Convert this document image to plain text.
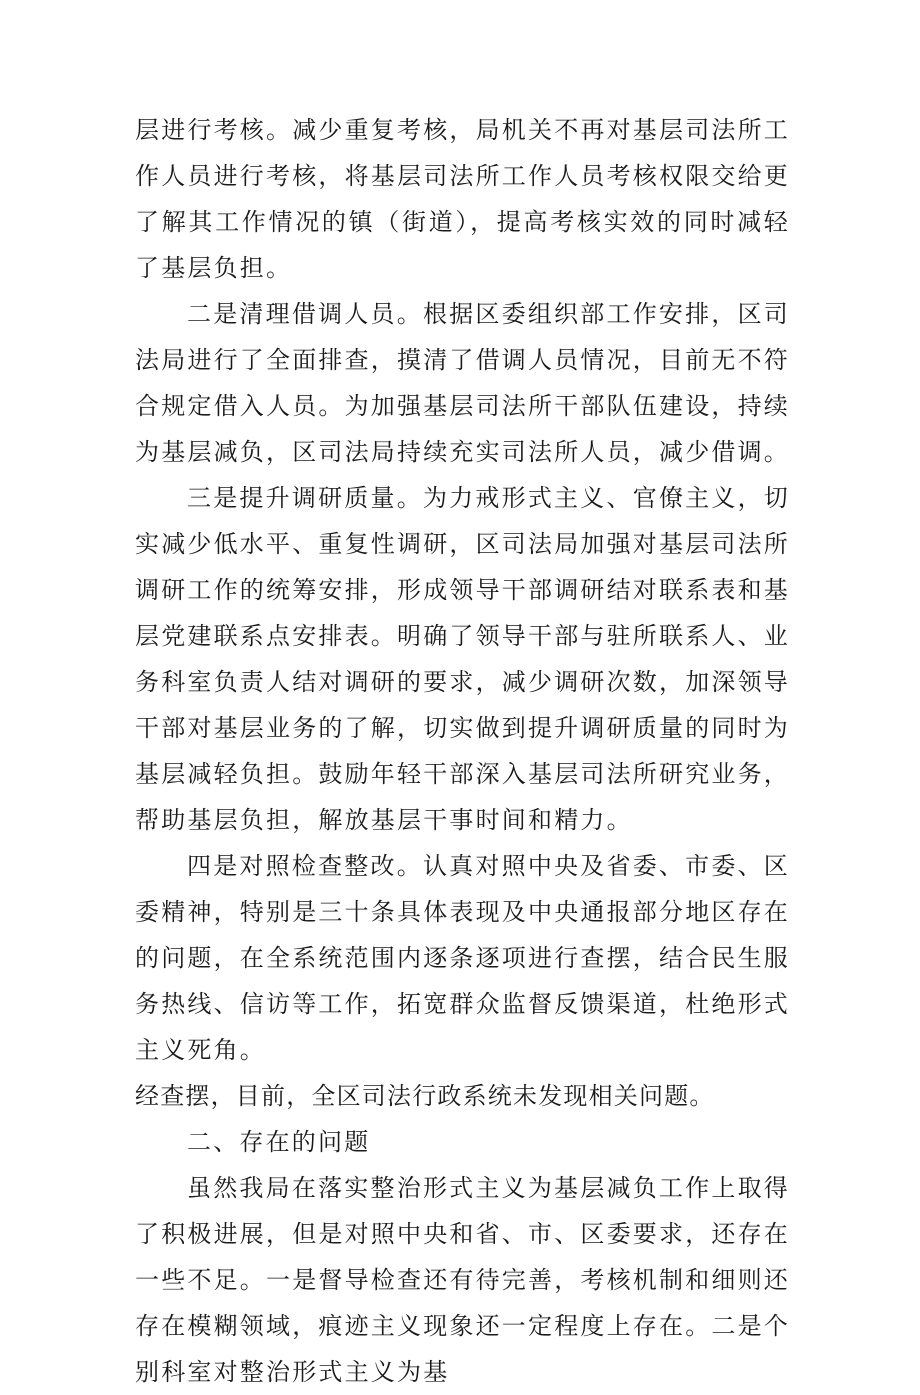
层进行考核。减少重复考核，局机关不再对基层司法所工作人员进行考核，将基层司法所工作人员考核权限交给更了解其工作情况的镇（街道），提高考核实效的同时减轻了基层负担。

二是清理借调人员。根据区委组织部工作安排，区司法局进行了全面排查，摸清了借调人员情况，目前无不符合规定借入人员。为加强基层司法所干部队伍建设，持续为基层减负，区司法局持续充实司法所人员，减少借调。

三是提升调研质量。为力戒形式主义、官僚主义，切实减少低水平、重复性调研，区司法局加强对基层司法所调研工作的统筹安排，形成领导干部调研结对联系表和基层党建联系点安排表。明确了领导干部与驻所联系人、业务科室负责人结对调研的要求，减少调研次数，加深领导干部对基层业务的了解，切实做到提升调研质量的同时为基层减轻负担。鼓励年轻干部深入基层司法所研究业务，帮助基层负担，解放基层干事时间和精力。

四是对照检查整改。认真对照中央及省委、市委、区委精神，特别是三十条具体表现及中央通报部分地区存在的问题，在全系统范围内逐条逐项进行查摆，结合民生服务热线、信访等工作，拓宽群众监督反馈渠道，杜绝形式主义死角。

经查摆，目前，全区司法行政系统未发现相关问题。

二、存在的问题

虽然我局在落实整治形式主义为基层减负工作上取得了积极进展，但是对照中央和省、市、区委要求，还存在一些不足。一是督导检查还有待完善，考核机制和细则还存在模糊领域，痕迹主义现象还一定程度上存在。二是个别科室对整治形式主义为基
